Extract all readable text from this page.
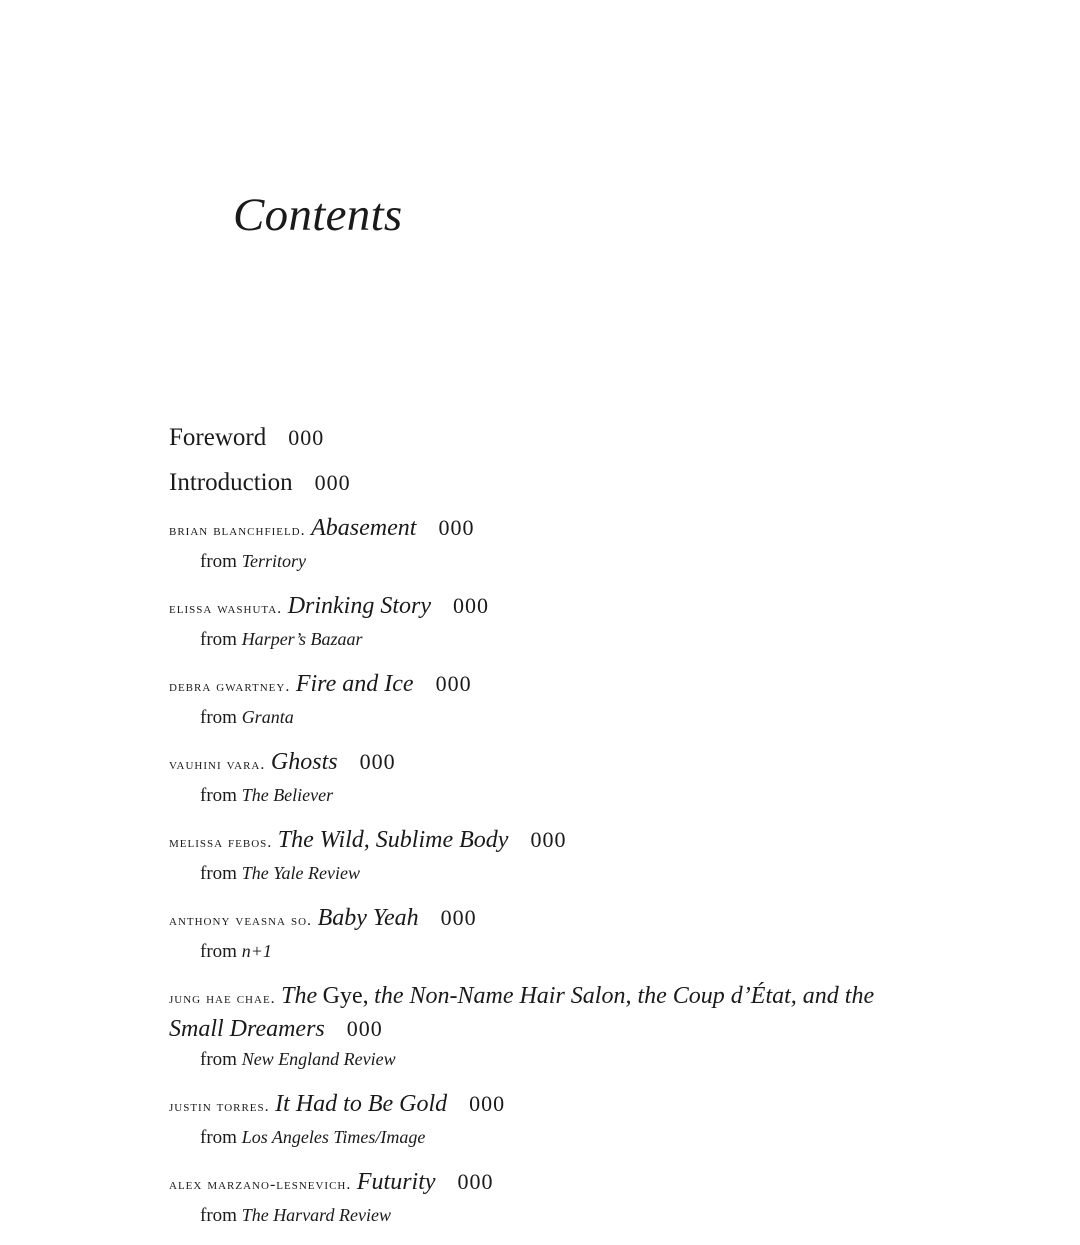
Contents
Foreword 000
Introduction 000
brian blanchfield. Abasement 000
from Territory
elissa washuta. Drinking Story 000
from Harper’s Bazaar
debra gwartney. Fire and Ice 000
from Granta
vauhini vara. Ghosts 000
from The Believer
melissa febos. The Wild, Sublime Body 000
from The Yale Review
anthony veasna so. Baby Yeah 000
from n+1
jung hae chae. The Gye, the Non-Name Hair Salon, the Coup d’État, and the Small Dreamers 000
from New England Review
justin torres. It Had to Be Gold 000
from Los Angeles Times/Image
alex marzano-lesnevich. Futurity 000
from The Harvard Review
